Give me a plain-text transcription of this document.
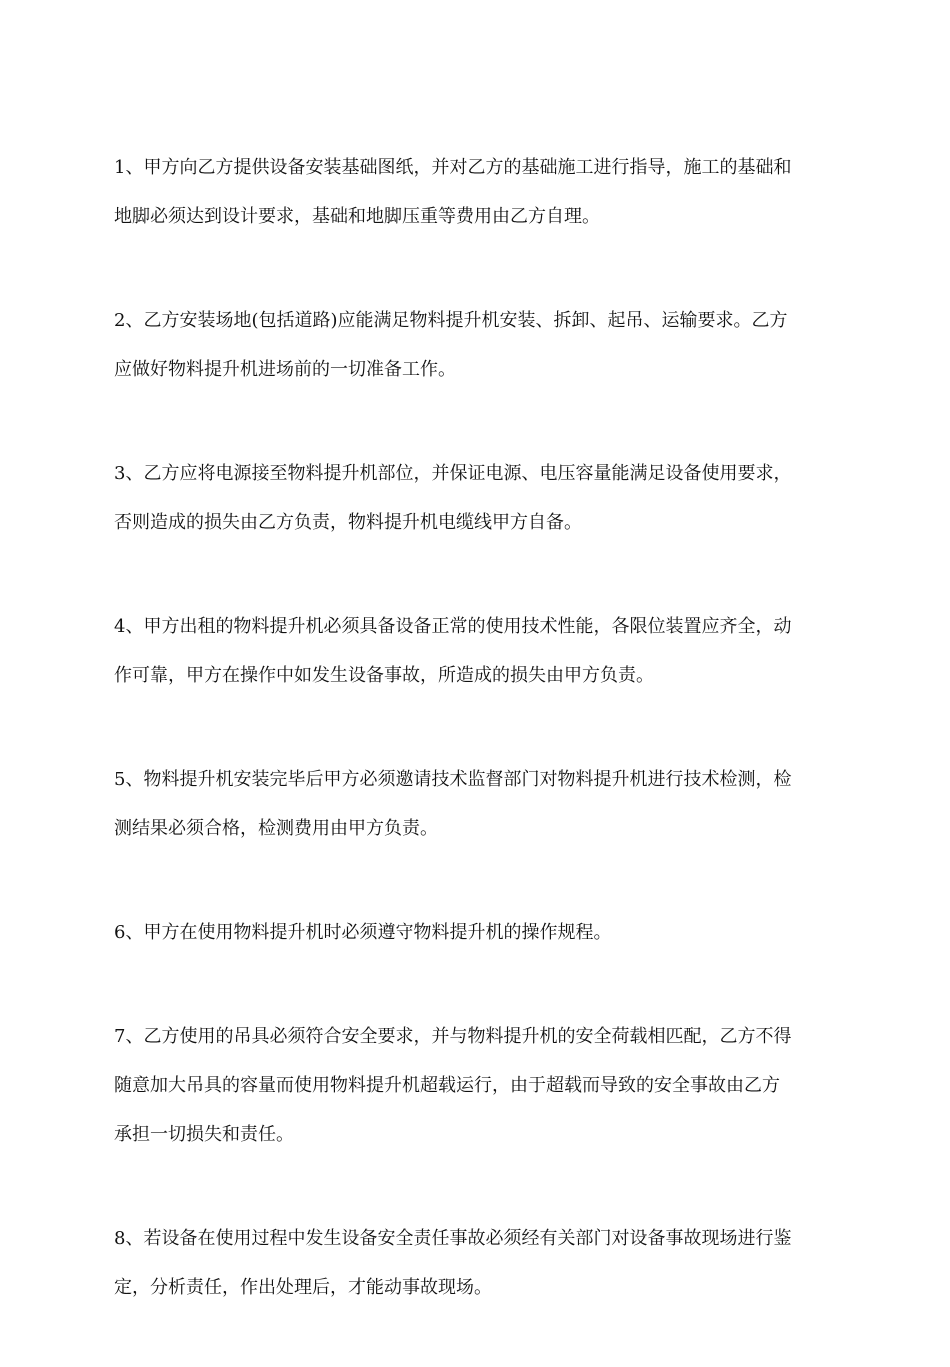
1、甲方向乙方提供设备安装基础图纸，并对乙方的基础施工进行指导，施工的基础和
地脚必须达到设计要求，基础和地脚压重等费用由乙方自理。
2、乙方安装场地(包括道路)应能满足物料提升机安装、拆卸、起吊、运输要求。乙方
应做好物料提升机进场前的一切准备工作。
3、乙方应将电源接至物料提升机部位，并保证电源、电压容量能满足设备使用要求，
否则造成的损失由乙方负责，物料提升机电缆线甲方自备。
4、甲方出租的物料提升机必须具备设备正常的使用技术性能，各限位装置应齐全，动
作可靠，甲方在操作中如发生设备事故，所造成的损失由甲方负责。
5、物料提升机安装完毕后甲方必须邀请技术监督部门对物料提升机进行技术检测，检
测结果必须合格，检测费用由甲方负责。
6、甲方在使用物料提升机时必须遵守物料提升机的操作规程。
7、乙方使用的吊具必须符合安全要求，并与物料提升机的安全荷载相匹配，乙方不得
随意加大吊具的容量而使用物料提升机超载运行，由于超载而导致的安全事故由乙方
承担一切损失和责任。
8、若设备在使用过程中发生设备安全责任事故必须经有关部门对设备事故现场进行鉴
定，分析责任，作出处理后，才能动事故现场。
